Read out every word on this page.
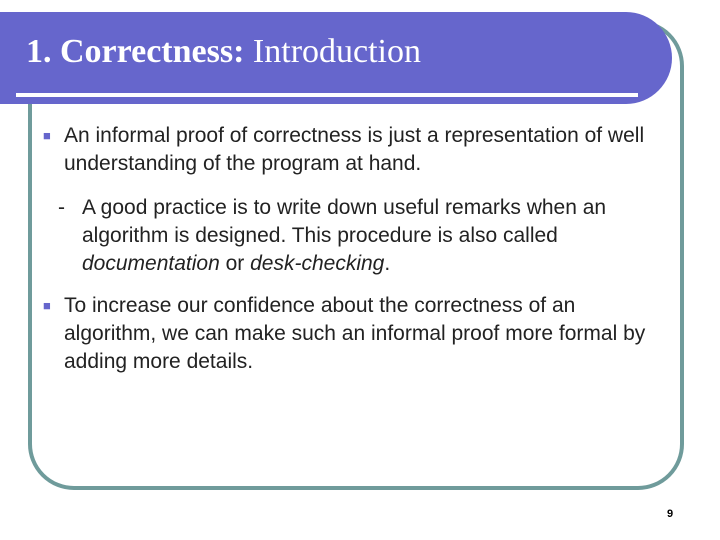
1. Correctness: Introduction
■ An informal proof of correctness is just a representation of well understanding of the program at hand.
- A good practice is to write down useful remarks when an algorithm is designed. This procedure is also called documentation or desk-checking.
■ To increase our confidence about the correctness of an algorithm, we can make such an informal proof more formal by adding more details.
9
